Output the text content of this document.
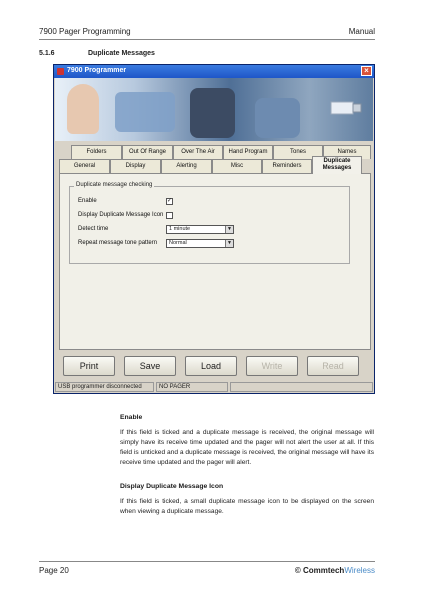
7900 Pager Programming	Manual
5.1.6	Duplicate Messages
7900 Programmer	×
Folders	Out Of Range	Over The Air	Hand Program	Tones	Names
General	Display	Alerting	Misc	Reminders
Duplicate Messages
Duplicate message checking
Enable	✓
Display Duplicate Message Icon
Detect time	1 minute	▼
Repeat message tone pattern	Normal	▼
Print	Save	Load	Write	Read
USB programmer disconnected	NO PAGER
Enable

If this field is ticked and a duplicate message is received, the original message will simply have its receive time updated and the pager will not alert the user at all. If this field is unticked and a duplicate message is received, the original message will have its receive time updated and the pager will alert.

Display Duplicate Message Icon

If this field is ticked, a small duplicate message icon to be displayed on the screen when viewing a duplicate message.

Page 20	© CommtechWireless
